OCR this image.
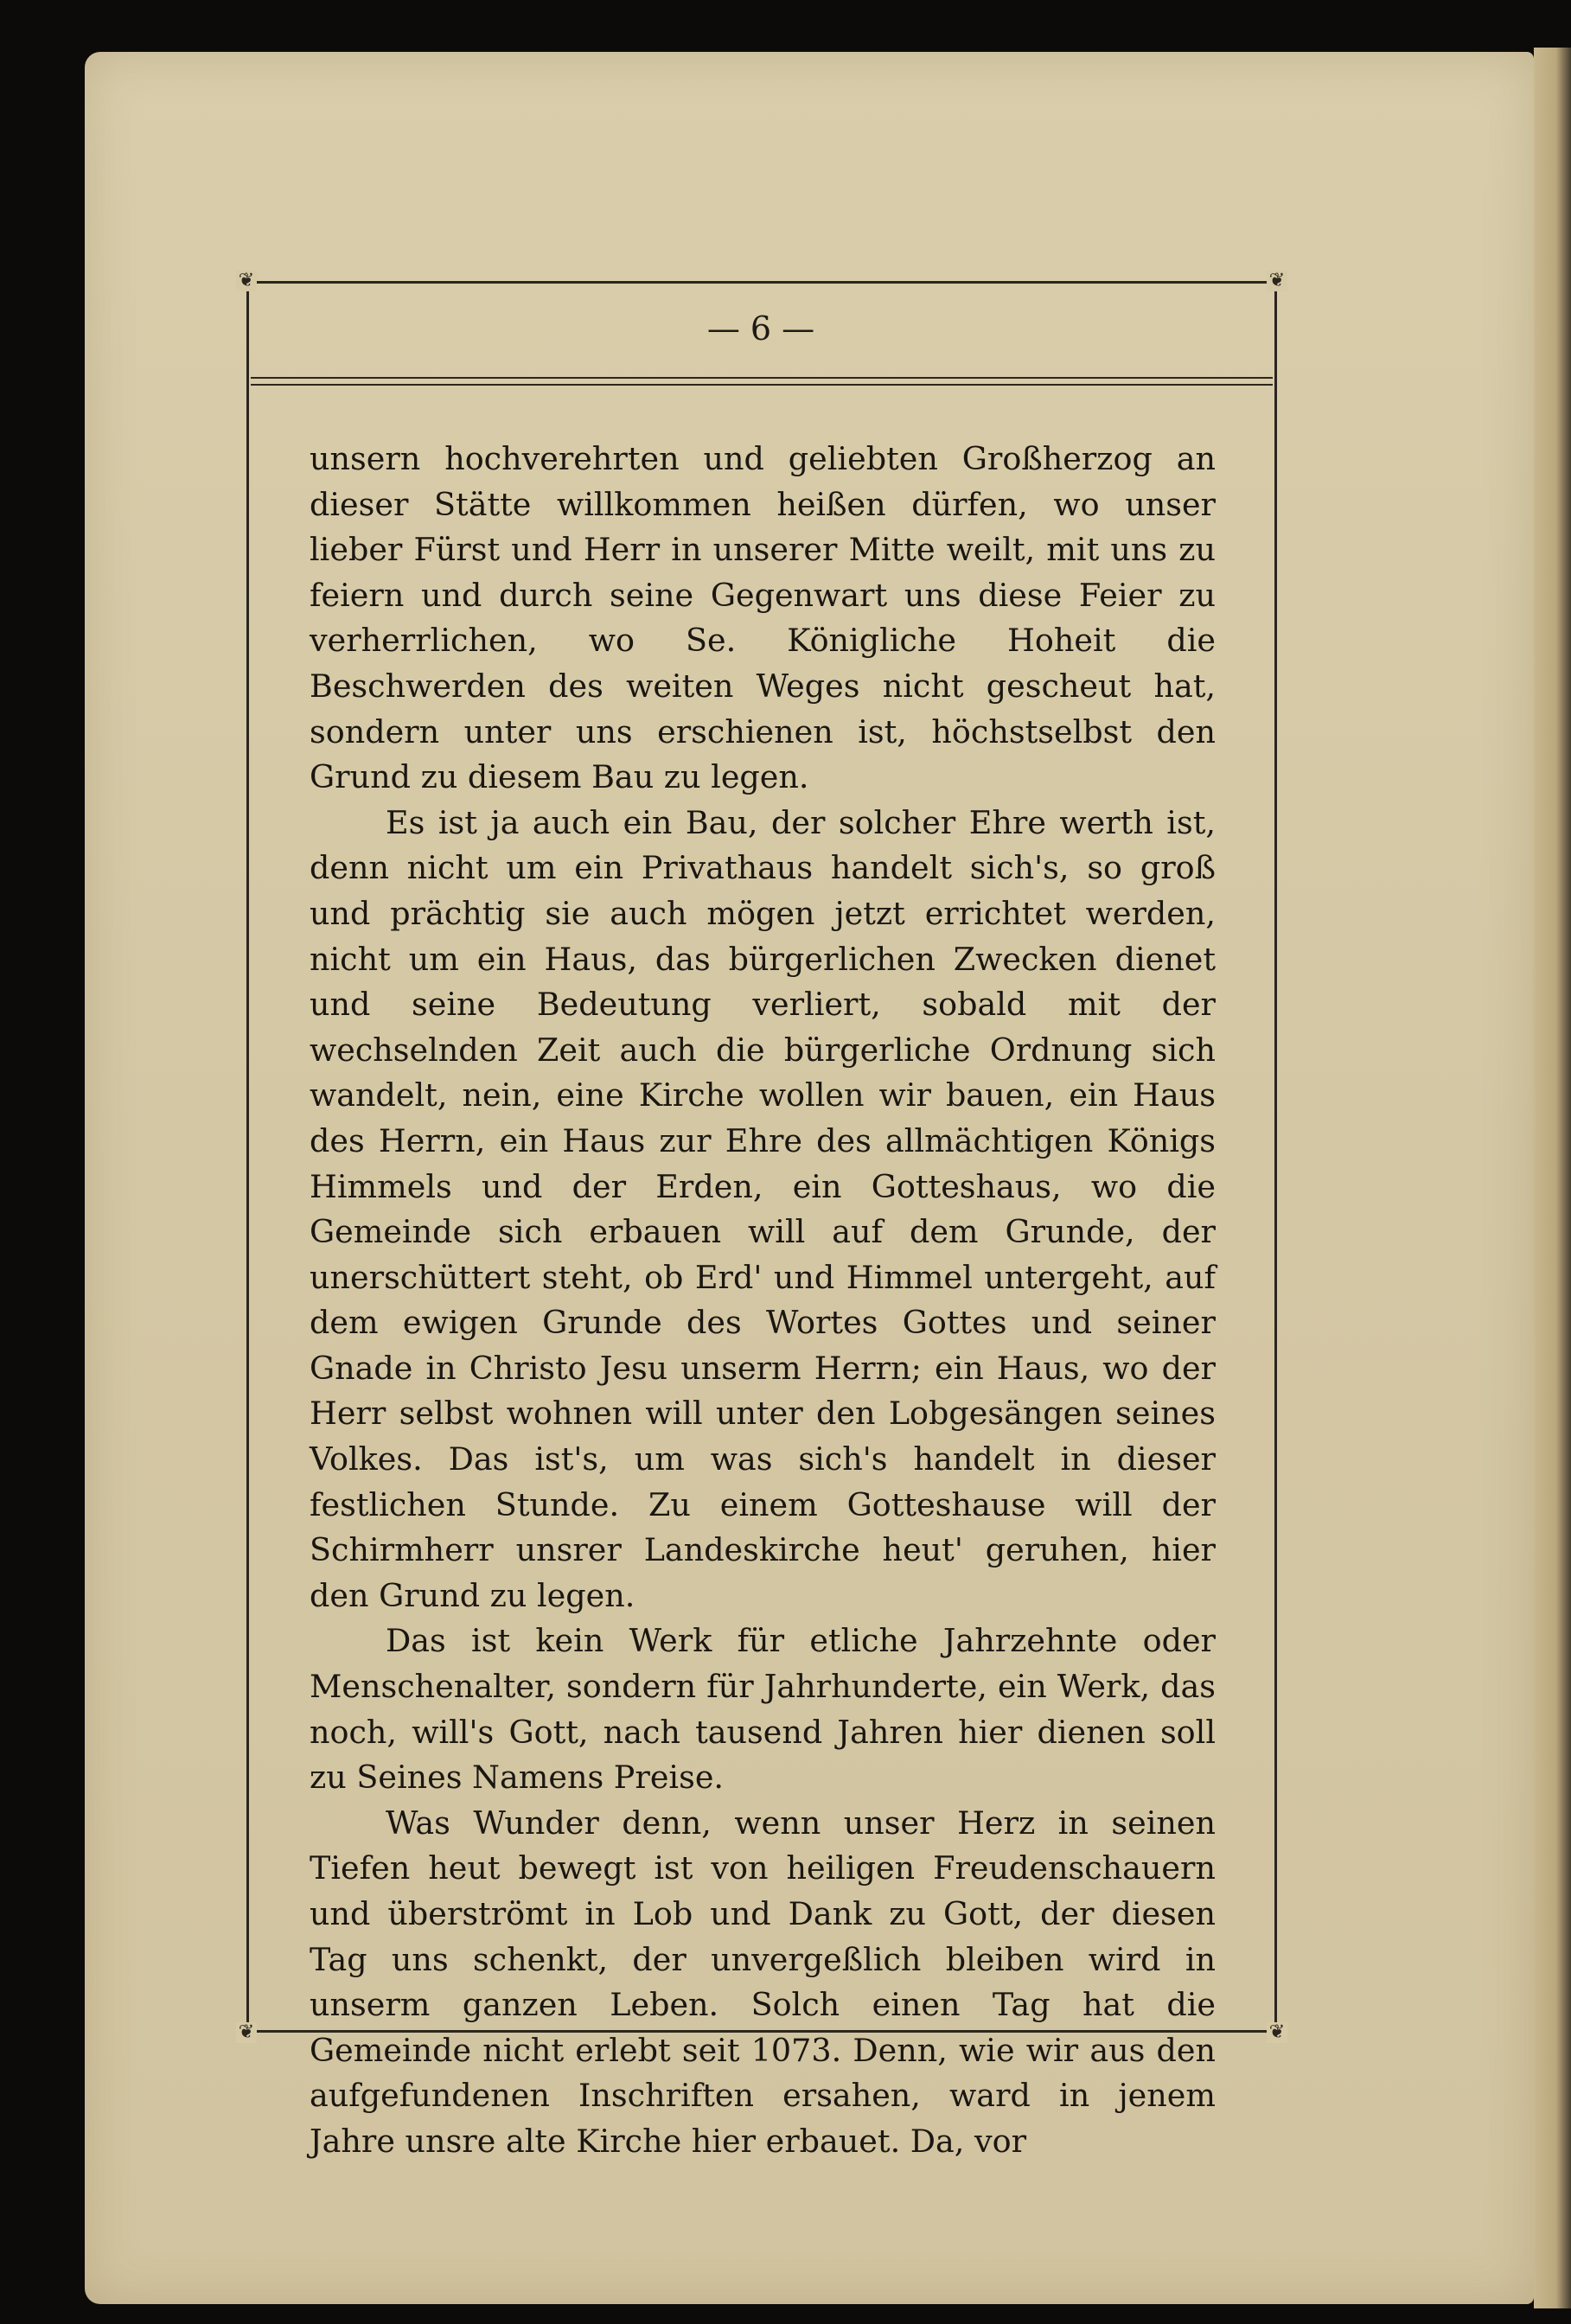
❦	❦
❦	❦
— 6 —

unsern hochverehrten und geliebten Großherzog an dieser Stätte willkommen heißen dürfen, wo unser lieber Fürst und Herr in unserer Mitte weilt, mit uns zu feiern und durch seine Gegenwart uns diese Feier zu verherrlichen, wo Se. Königliche Hoheit die Beschwerden des weiten Weges nicht gescheut hat, sondern unter uns erschienen ist, höchstselbst den Grund zu diesem Bau zu legen.

Es ist ja auch ein Bau, der solcher Ehre werth ist, denn nicht um ein Privathaus handelt sich's, so groß und prächtig sie auch mögen jetzt errichtet werden, nicht um ein Haus, das bürgerlichen Zwecken dienet und seine Bedeutung verliert, sobald mit der wechselnden Zeit auch die bürgerliche Ordnung sich wandelt, nein, eine Kirche wollen wir bauen, ein Haus des Herrn, ein Haus zur Ehre des allmächtigen Königs Himmels und der Erden, ein Gotteshaus, wo die Gemeinde sich erbauen will auf dem Grunde, der unerschüttert steht, ob Erd' und Himmel untergeht, auf dem ewigen Grunde des Wortes Gottes und seiner Gnade in Christo Jesu unserm Herrn; ein Haus, wo der Herr selbst wohnen will unter den Lobgesängen seines Volkes. Das ist's, um was sich's handelt in dieser festlichen Stunde. Zu einem Gotteshause will der Schirmherr unsrer Landeskirche heut' geruhen, hier den Grund zu legen.

Das ist kein Werk für etliche Jahrzehnte oder Menschenalter, sondern für Jahrhunderte, ein Werk, das noch, will's Gott, nach tausend Jahren hier dienen soll zu Seines Namens Preise.

Was Wunder denn, wenn unser Herz in seinen Tiefen heut bewegt ist von heiligen Freudenschauern und überströmt in Lob und Dank zu Gott, der diesen Tag uns schenkt, der unvergeßlich bleiben wird in unserm ganzen Leben. Solch einen Tag hat die Gemeinde nicht erlebt seit 1073. Denn, wie wir aus den aufgefundenen Inschriften ersahen, ward in jenem Jahre unsre alte Kirche hier erbauet. Da, vor
